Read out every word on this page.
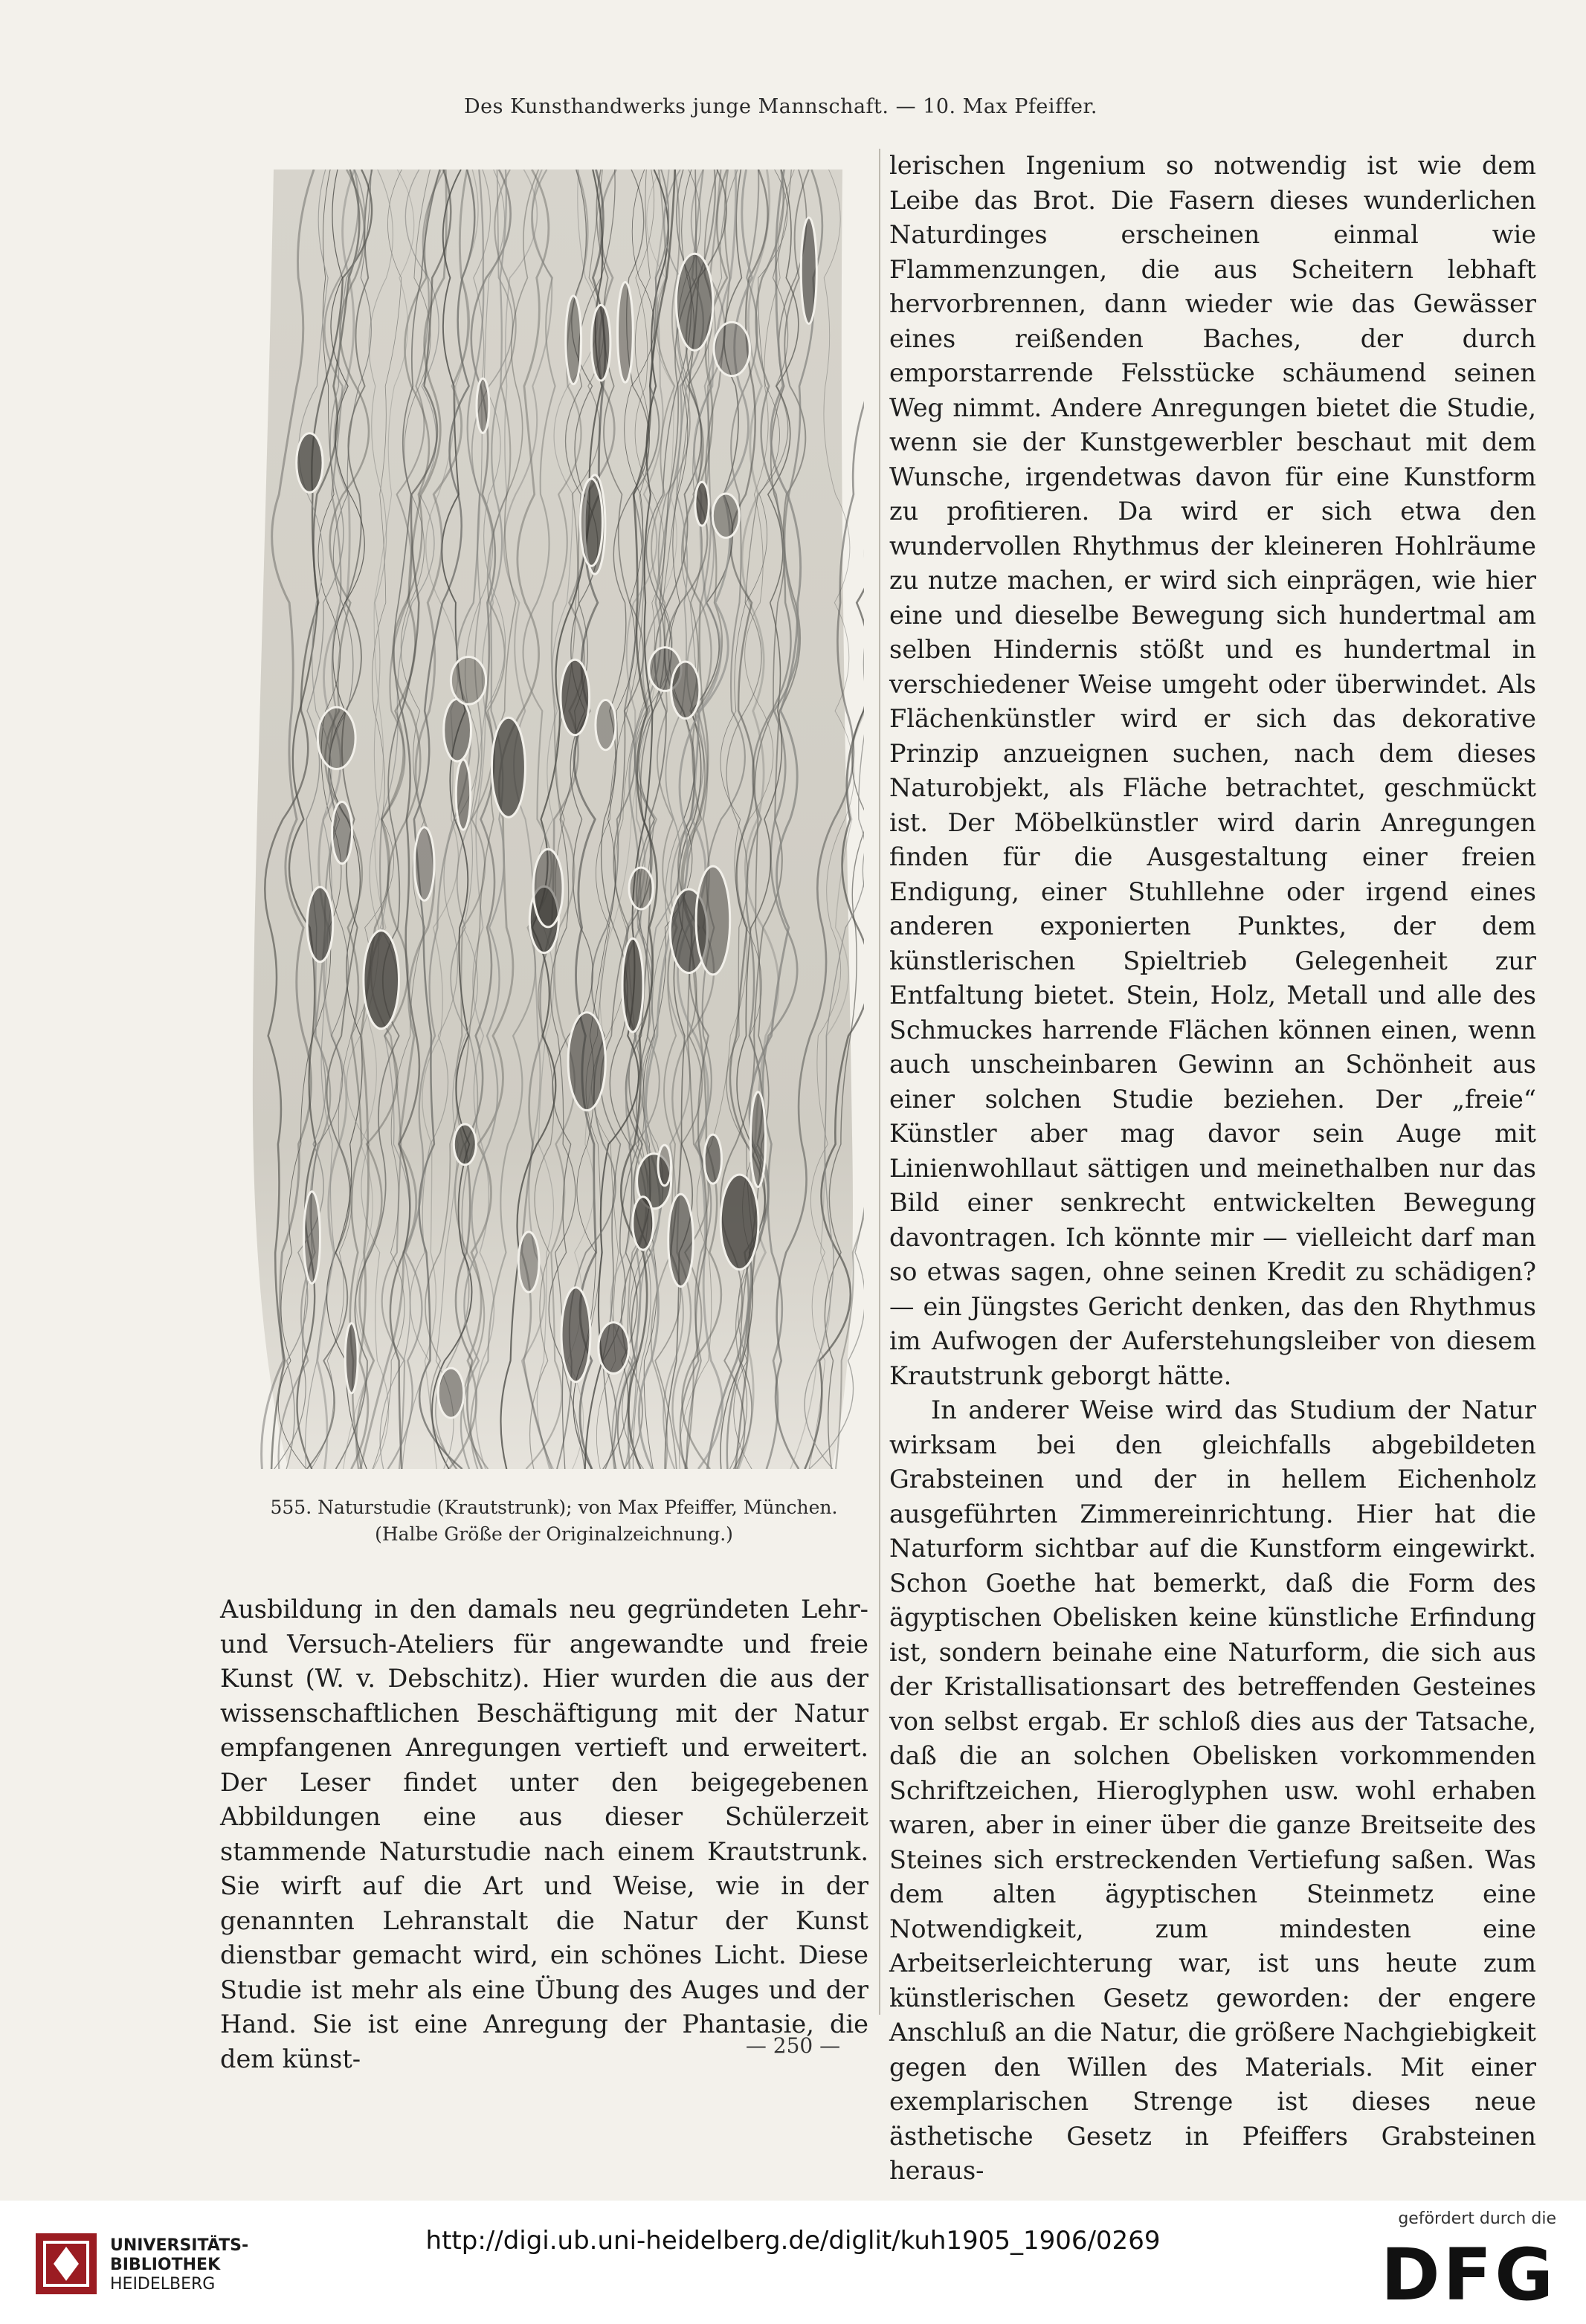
Des Kunsthandwerks junge Mannschaft. — 10. Max Pfeiffer.
555. Naturstudie (Krautstrunk); von Max Pfeiffer, München.
(Halbe Größe der Originalzeichnung.)

lerischen Ingenium so notwendig ist wie dem Leibe das Brot. Die Fasern dieses wunderlichen Naturdinges erscheinen einmal wie Flammenzungen, die aus Scheitern lebhaft hervorbrennen, dann wieder wie das Gewässer eines reißenden Baches, der durch emporstarrende Felsstücke schäumend seinen Weg nimmt. Andere Anregungen bietet die Studie, wenn sie der Kunstgewerbler beschaut mit dem Wunsche, irgendetwas davon für eine Kunstform zu profitieren. Da wird er sich etwa den wundervollen Rhythmus der kleineren Hohlräume zu nutze machen, er wird sich einprägen, wie hier eine und dieselbe Bewegung sich hundertmal am selben Hindernis stößt und es hundertmal in verschiedener Weise umgeht oder überwindet. Als Flächenkünstler wird er sich das dekorative Prinzip anzueignen suchen, nach dem dieses Naturobjekt, als Fläche betrachtet, geschmückt ist. Der Möbelkünstler wird darin Anregungen finden für die Ausgestaltung einer freien Endigung, einer Stuhllehne oder irgend eines anderen exponierten Punktes, der dem künstlerischen Spieltrieb Gelegenheit zur Entfaltung bietet. Stein, Holz, Metall und alle des Schmuckes harrende Flächen können einen, wenn auch unscheinbaren Gewinn an Schönheit aus einer solchen Studie beziehen. Der „freie“ Künstler aber mag davor sein Auge mit Linienwohllaut sättigen und meinethalben nur das Bild einer senkrecht entwickelten Bewegung davontragen. Ich könnte mir — vielleicht darf man so etwas sagen, ohne seinen Kredit zu schädigen? — ein Jüngstes Gericht denken, das den Rhythmus im Aufwogen der Auferstehungsleiber von diesem Krautstrunk geborgt hätte.

In anderer Weise wird das Studium der Natur wirksam bei den gleichfalls abgebildeten Grabsteinen und der in hellem Eichenholz ausgeführten Zimmereinrichtung. Hier hat die Naturform sichtbar auf die Kunstform eingewirkt. Schon Goethe hat bemerkt, daß die Form des ägyptischen Obelisken keine künstliche Erfindung ist, sondern beinahe eine Naturform, die sich aus der Kristallisationsart des betreffenden Gesteines von selbst ergab. Er schloß dies aus der Tatsache, daß die an solchen Obelisken vorkommenden Schriftzeichen, Hieroglyphen usw. wohl erhaben waren, aber in einer über die ganze Breitseite des Steines sich erstreckenden Vertiefung saßen. Was dem alten ägyptischen Steinmetz eine Notwendigkeit, zum mindesten eine Arbeitserleichterung war, ist uns heute zum künstlerischen Gesetz geworden: der engere Anschluß an die Natur, die größere Nachgiebigkeit gegen den Willen des Materials. Mit einer exemplarischen Strenge ist dieses neue ästhetische Gesetz in Pfeiffers Grabsteinen heraus-

Ausbildung in den damals neu gegründeten Lehr- und Versuch-Ateliers für angewandte und freie Kunst (W. v. Debschitz). Hier wurden die aus der wissenschaftlichen Beschäftigung mit der Natur empfangenen Anregungen vertieft und erweitert. Der Leser findet unter den beigegebenen Abbildungen eine aus dieser Schülerzeit stammende Naturstudie nach einem Krautstrunk. Sie wirft auf die Art und Weise, wie in der genannten Lehranstalt die Natur der Kunst dienstbar gemacht wird, ein schönes Licht. Diese Studie ist mehr als eine Übung des Auges und der Hand. Sie ist eine Anregung der Phantasie, die dem künst-	— 250 —
UNIVERSITÄTS-
BIBLIOTHEK
HEIDELBERG
http://digi.ub.uni-heidelberg.de/diglit/kuh1905_1906/0269
gefördert durch die
DFG
